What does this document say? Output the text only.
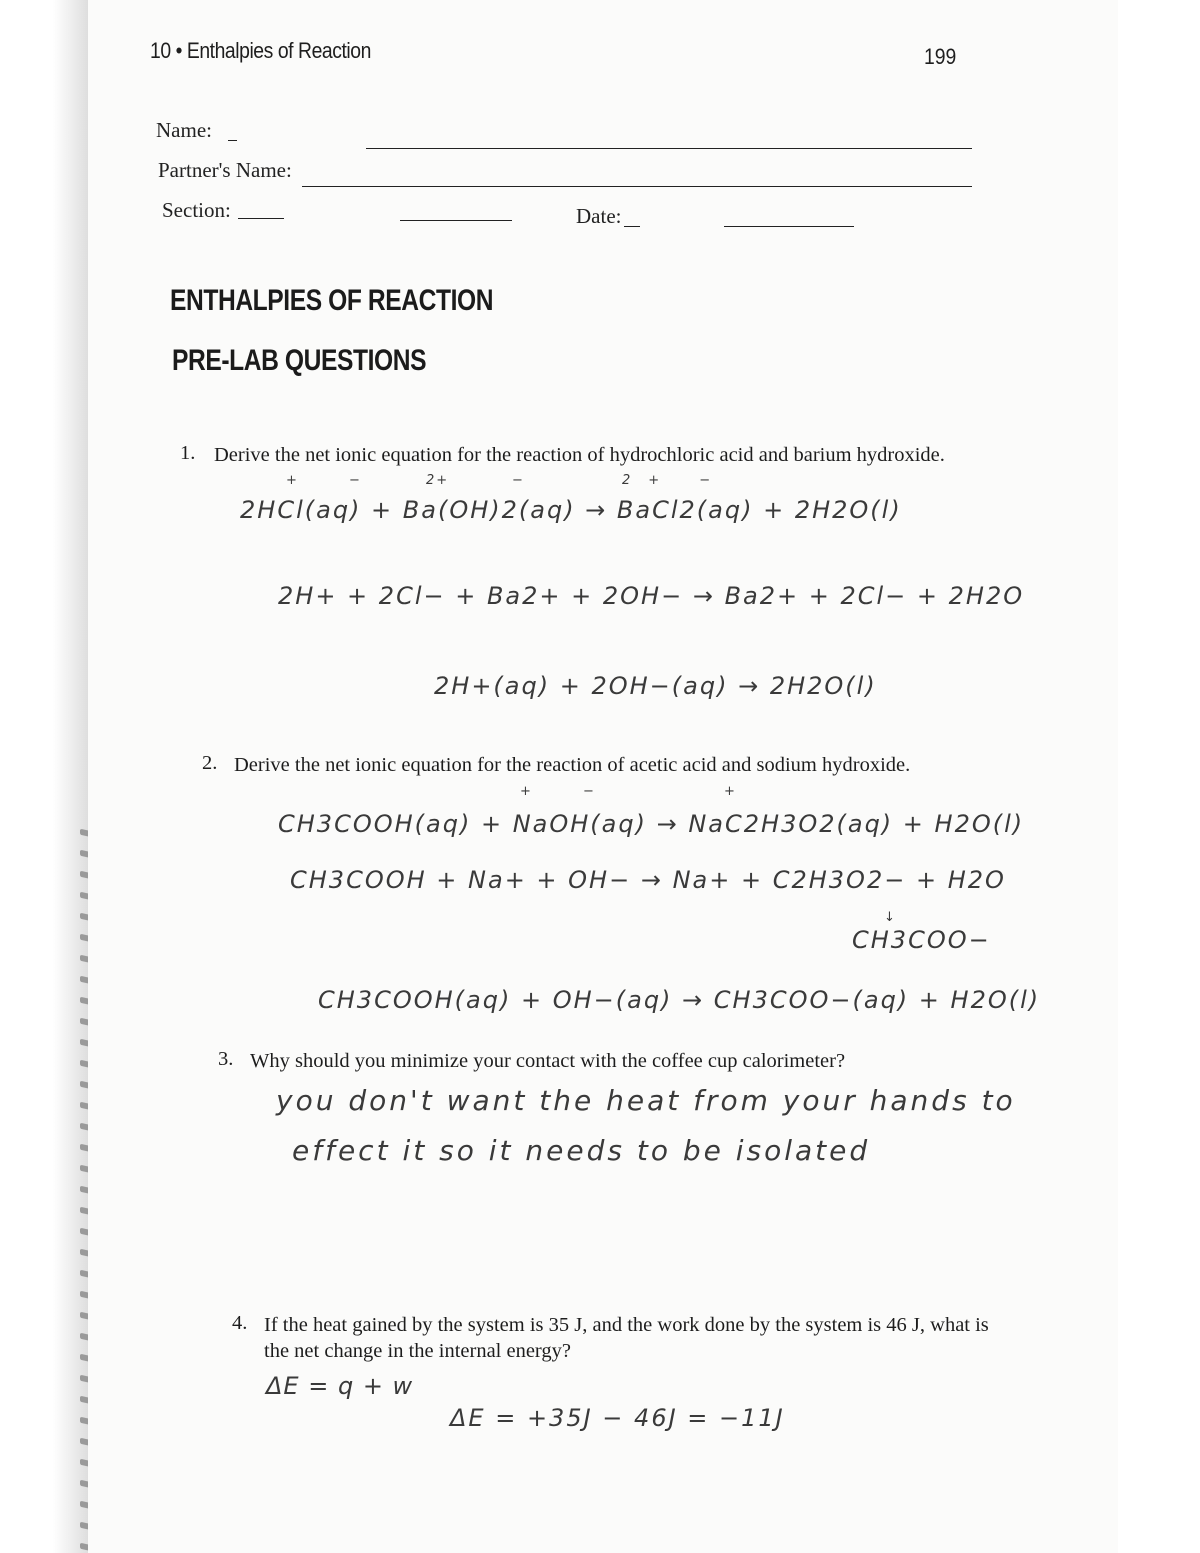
10 • Enthalpies of Reaction	199
Name:
Partner's Name:
Section:	Date:
ENTHALPIES OF REACTION
PRE-LAB QUESTIONS
1. Derive the net ionic equation for the reaction of hydrochloric acid and barium hydroxide.
+ −	2+	−	2+ −
2HCl(aq) + Ba(OH)2(aq) → BaCl2(aq) + 2H2O(l)
2H+ + 2Cl− + Ba2+ + 2OH− → Ba2+ + 2Cl− + 2H2O
2H+(aq) + 2OH−(aq) → 2H2O(l)
2. Derive the net ionic equation for the reaction of acetic acid and sodium hydroxide.
+ −	+
CH3COOH(aq) + NaOH(aq) → NaC2H3O2(aq) + H2O(l)
CH3COOH + Na+ + OH− → Na+ + C2H3O2− + H2O
↓
CH3COO−
CH3COOH(aq) + OH−(aq) → CH3COO−(aq) + H2O(l)
3. Why should you minimize your contact with the coffee cup calorimeter?
you don't want the heat from your hands to
effect it so it needs to be isolated
4. If the heat gained by the system is 35 J, and the work done by the system is 46 J, what is
the net change in the internal energy?
ΔE = q + w
ΔE = +35J − 46J = −11J
